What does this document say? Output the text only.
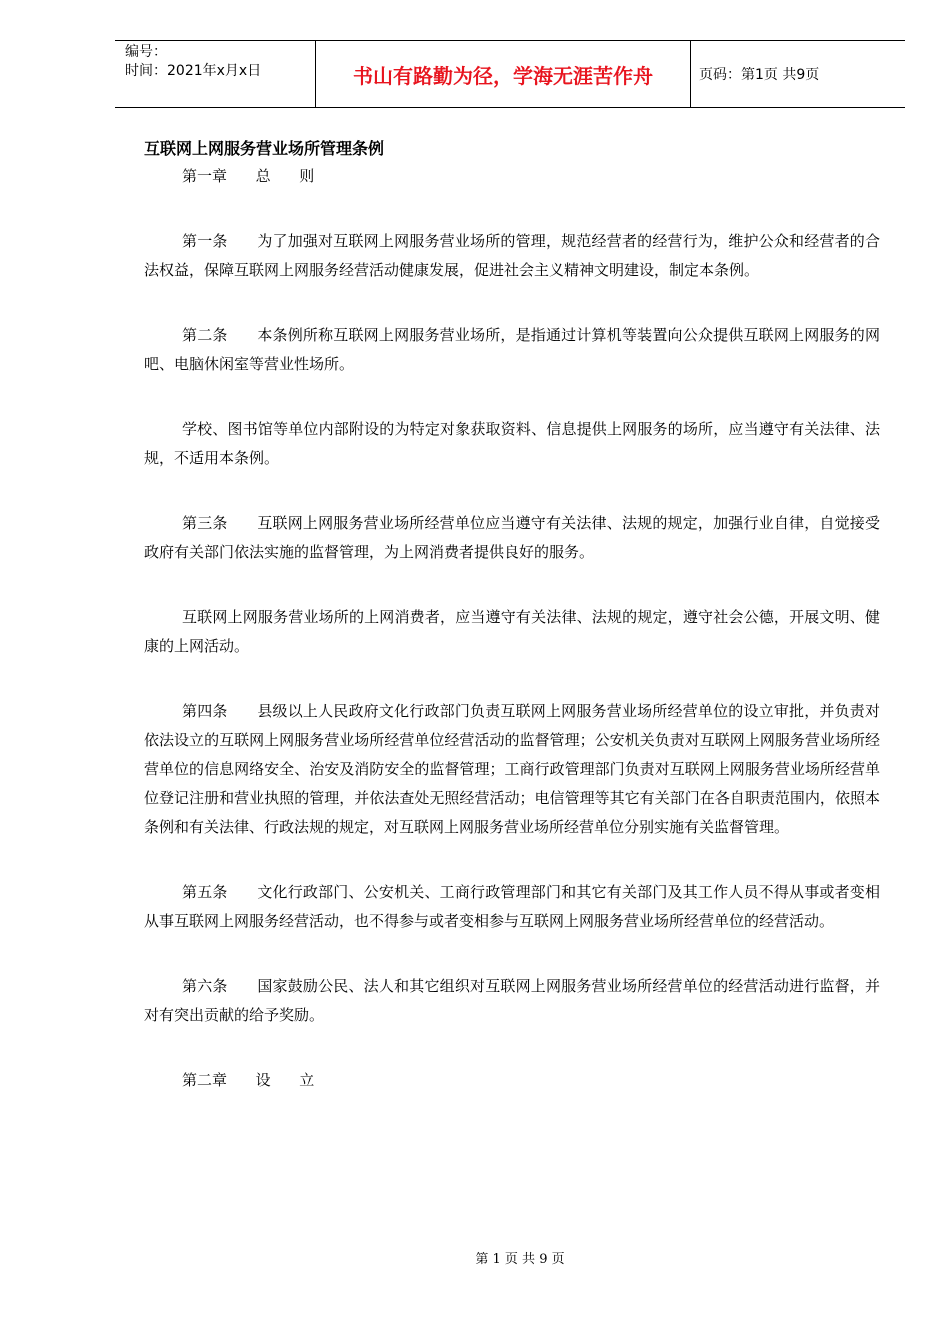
编号：
时间：2021年x月x日	书山有路勤为径，学海无涯苦作舟	页码：第1页 共9页

互联网上网服务营业场所管理条例

第一章      总      则

第一条      为了加强对互联网上网服务营业场所的管理，规范经营者的经营行为，维护公众和经营者的合法权益，保障互联网上网服务经营活动健康发展，促进社会主义精神文明建设，制定本条例。

第二条      本条例所称互联网上网服务营业场所，是指通过计算机等装置向公众提供互联网上网服务的网吧、电脑休闲室等营业性场所。

学校、图书馆等单位内部附设的为特定对象获取资料、信息提供上网服务的场所，应当遵守有关法律、法规，不适用本条例。

第三条      互联网上网服务营业场所经营单位应当遵守有关法律、法规的规定，加强行业自律，自觉接受政府有关部门依法实施的监督管理，为上网消费者提供良好的服务。

互联网上网服务营业场所的上网消费者，应当遵守有关法律、法规的规定，遵守社会公德，开展文明、健康的上网活动。

第四条      县级以上人民政府文化行政部门负责互联网上网服务营业场所经营单位的设立审批，并负责对依法设立的互联网上网服务营业场所经营单位经营活动的监督管理；公安机关负责对互联网上网服务营业场所经营单位的信息网络安全、治安及消防安全的监督管理；工商行政管理部门负责对互联网上网服务营业场所经营单位登记注册和营业执照的管理，并依法查处无照经营活动；电信管理等其它有关部门在各自职责范围内，依照本条例和有关法律、行政法规的规定，对互联网上网服务营业场所经营单位分别实施有关监督管理。

第五条      文化行政部门、公安机关、工商行政管理部门和其它有关部门及其工作人员不得从事或者变相从事互联网上网服务经营活动，也不得参与或者变相参与互联网上网服务营业场所经营单位的经营活动。

第六条      国家鼓励公民、法人和其它组织对互联网上网服务营业场所经营单位的经营活动进行监督，并对有突出贡献的给予奖励。

第二章      设      立

第 1 页 共 9 页
